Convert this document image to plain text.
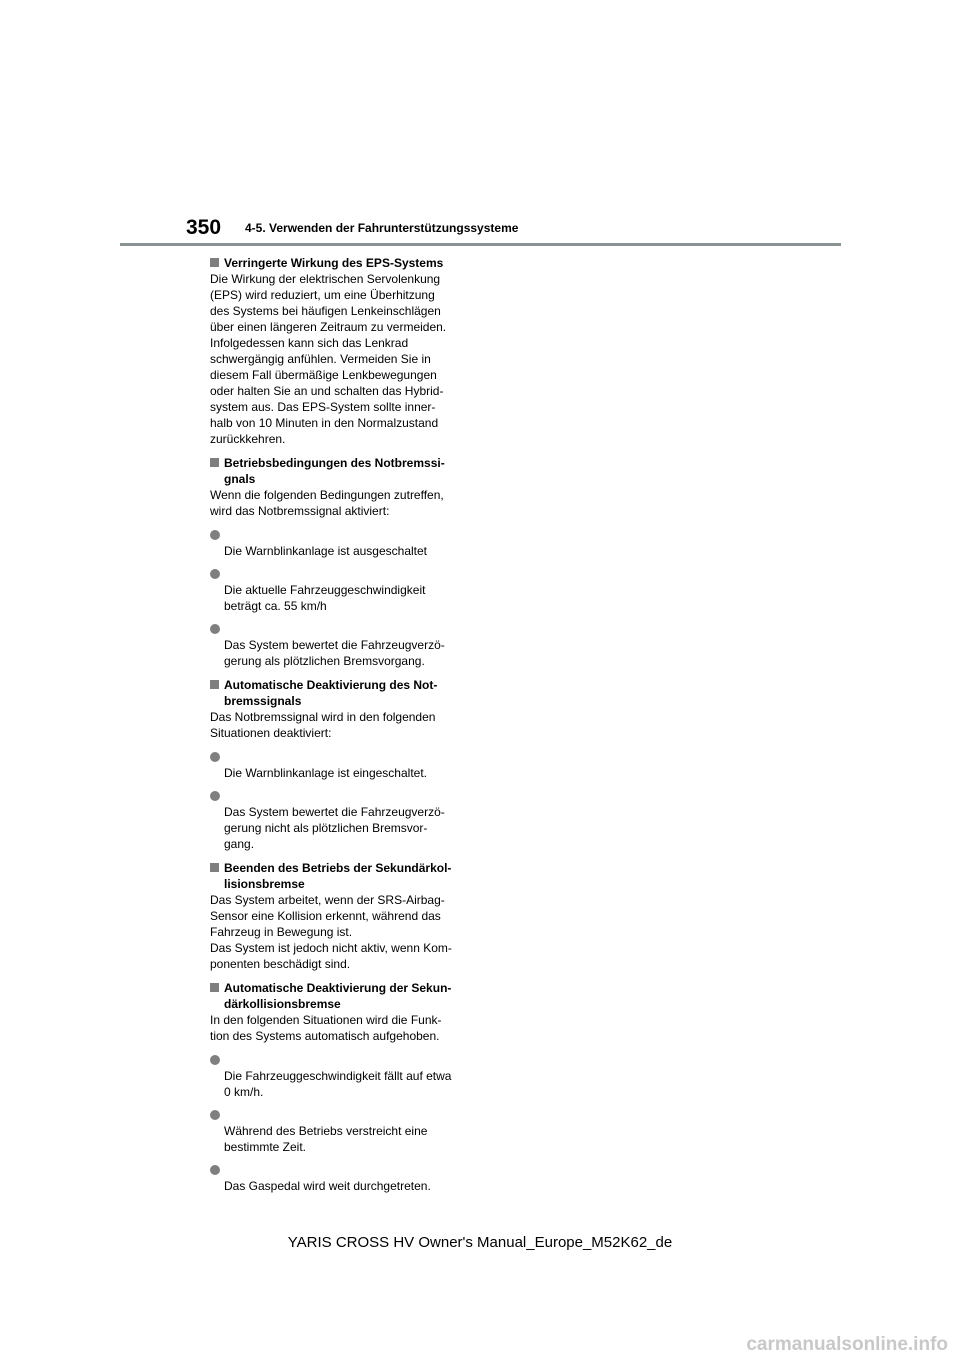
350 4-5. Verwenden der Fahrunterstützungssysteme
Verringerte Wirkung des EPS-Systems
Die Wirkung der elektrischen Servolenkung
(EPS) wird reduziert, um eine Überhitzung
des Systems bei häufigen Lenkeinschlägen
über einen längeren Zeitraum zu vermeiden.
Infolgedessen kann sich das Lenkrad
schwergängig anfühlen. Vermeiden Sie in
diesem Fall übermäßige Lenkbewegungen
oder halten Sie an und schalten das Hybrid-
system aus. Das EPS-System sollte inner-
halb von 10 Minuten in den Normalzustand
zurückkehren.
Betriebsbedingungen des Notbremssi-
gnals
Wenn die folgenden Bedingungen zutreffen,
wird das Notbremssignal aktiviert:

Die Warnblinkanlage ist ausgeschaltet

Die aktuelle Fahrzeuggeschwindigkeit
beträgt ca. 55 km/h

Das System bewertet die Fahrzeugverzö-
gerung als plötzlichen Bremsvorgang.

Automatische Deaktivierung des Not-
bremssignals
Das Notbremssignal wird in den folgenden
Situationen deaktiviert:

Die Warnblinkanlage ist eingeschaltet.

Das System bewertet die Fahrzeugverzö-
gerung nicht als plötzlichen Bremsvor-
gang.

Beenden des Betriebs der Sekundärkol-
lisionsbremse
Das System arbeitet, wenn der SRS-Airbag-
Sensor eine Kollision erkennt, während das
Fahrzeug in Bewegung ist.
Das System ist jedoch nicht aktiv, wenn Kom-
ponenten beschädigt sind.
Automatische Deaktivierung der Sekun-
därkollisionsbremse
In den folgenden Situationen wird die Funk-
tion des Systems automatisch aufgehoben.

Die Fahrzeuggeschwindigkeit fällt auf etwa
0 km/h.

Während des Betriebs verstreicht eine
bestimmte Zeit.

Das Gaspedal wird weit durchgetreten.

YARIS CROSS HV Owner's Manual_Europe_M52K62_de
carmanualsonline.info
